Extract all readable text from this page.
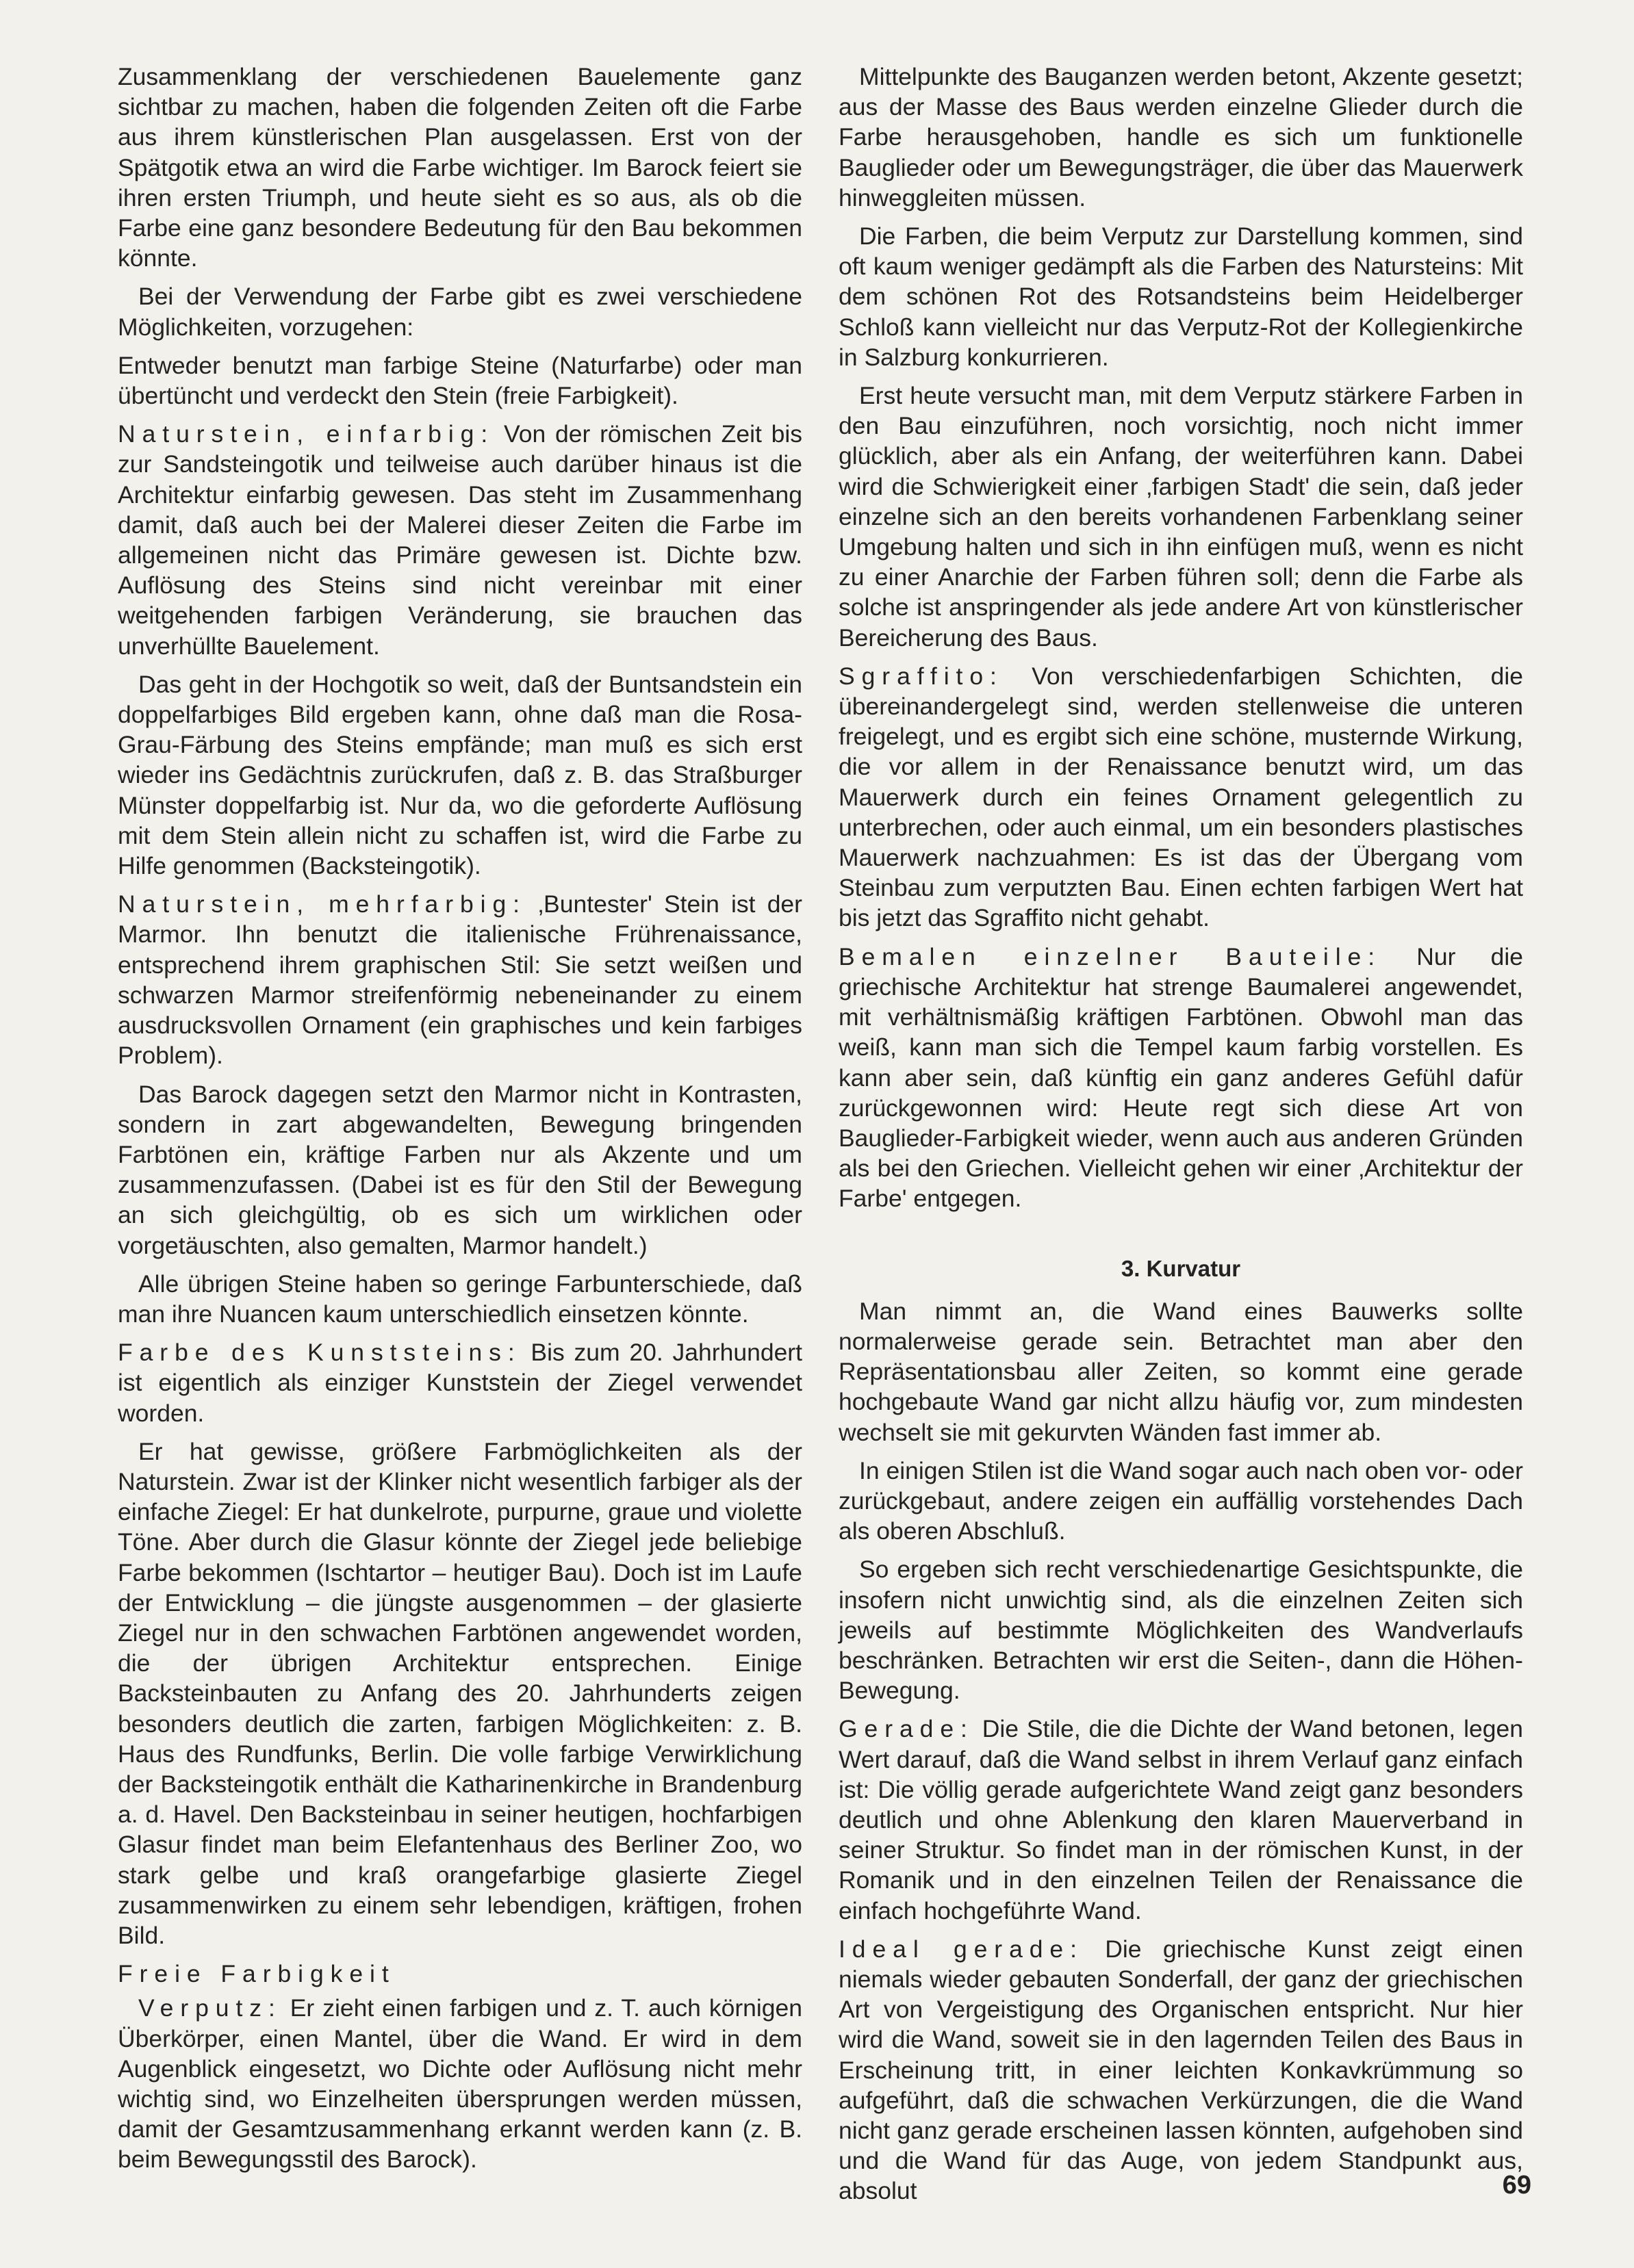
Zusammenklang der verschiedenen Bauelemente ganz sichtbar zu machen, haben die folgenden Zeiten oft die Farbe aus ihrem künstlerischen Plan ausgelassen. Erst von der Spätgotik etwa an wird die Farbe wichtiger. Im Barock feiert sie ihren ersten Triumph, und heute sieht es so aus, als ob die Farbe eine ganz besondere Bedeutung für den Bau bekommen könnte.

Bei der Verwendung der Farbe gibt es zwei verschiedene Möglichkeiten, vorzugehen:

Entweder benutzt man farbige Steine (Naturfarbe) oder man übertüncht und verdeckt den Stein (freie Farbigkeit).

Naturstein, einfarbig: Von der römischen Zeit bis zur Sandsteingotik und teilweise auch darüber hinaus ist die Architektur einfarbig gewesen. Das steht im Zusammenhang damit, daß auch bei der Malerei dieser Zeiten die Farbe im allgemeinen nicht das Primäre gewesen ist. Dichte bzw. Auflösung des Steins sind nicht vereinbar mit einer weitgehenden farbigen Veränderung, sie brauchen das unverhüllte Bauelement.

Das geht in der Hochgotik so weit, daß der Buntsandstein ein doppelfarbiges Bild ergeben kann, ohne daß man die Rosa-Grau-Färbung des Steins empfände; man muß es sich erst wieder ins Gedächtnis zurückrufen, daß z. B. das Straßburger Münster doppelfarbig ist. Nur da, wo die geforderte Auflösung mit dem Stein allein nicht zu schaffen ist, wird die Farbe zu Hilfe genommen (Backsteingotik).

Naturstein, mehrfarbig: ‚Buntester' Stein ist der Marmor. Ihn benutzt die italienische Frührenaissance, entsprechend ihrem graphischen Stil: Sie setzt weißen und schwarzen Marmor streifenförmig nebeneinander zu einem ausdrucksvollen Ornament (ein graphisches und kein farbiges Problem).

Das Barock dagegen setzt den Marmor nicht in Kontrasten, sondern in zart abgewandelten, Bewegung bringenden Farbtönen ein, kräftige Farben nur als Akzente und um zusammenzufassen. (Dabei ist es für den Stil der Bewegung an sich gleichgültig, ob es sich um wirklichen oder vorgetäuschten, also gemalten, Marmor handelt.)

Alle übrigen Steine haben so geringe Farbunterschiede, daß man ihre Nuancen kaum unterschiedlich einsetzen könnte.

Farbe des Kunststeins: Bis zum 20. Jahrhundert ist eigentlich als einziger Kunststein der Ziegel verwendet worden.

Er hat gewisse, größere Farbmöglichkeiten als der Naturstein. Zwar ist der Klinker nicht wesentlich farbiger als der einfache Ziegel: Er hat dunkelrote, purpurne, graue und violette Töne. Aber durch die Glasur könnte der Ziegel jede beliebige Farbe bekommen (Ischtartor – heutiger Bau). Doch ist im Laufe der Entwicklung – die jüngste ausgenommen – der glasierte Ziegel nur in den schwachen Farbtönen angewendet worden, die der übrigen Architektur entsprechen. Einige Backsteinbauten zu Anfang des 20. Jahrhunderts zeigen besonders deutlich die zarten, farbigen Möglichkeiten: z. B. Haus des Rundfunks, Berlin. Die volle farbige Verwirklichung der Backsteingotik enthält die Katharinenkirche in Brandenburg a. d. Havel. Den Backsteinbau in seiner heutigen, hochfarbigen Glasur findet man beim Elefantenhaus des Berliner Zoo, wo stark gelbe und kraß orangefarbige glasierte Ziegel zusammenwirken zu einem sehr lebendigen, kräftigen, frohen Bild.

Freie Farbigkeit

Verputz: Er zieht einen farbigen und z. T. auch körnigen Überkörper, einen Mantel, über die Wand. Er wird in dem Augenblick eingesetzt, wo Dichte oder Auflösung nicht mehr wichtig sind, wo Einzelheiten übersprungen werden müssen, damit der Gesamtzusammenhang erkannt werden kann (z. B. beim Bewegungsstil des Barock).

Mittelpunkte des Bauganzen werden betont, Akzente gesetzt; aus der Masse des Baus werden einzelne Glieder durch die Farbe herausgehoben, handle es sich um funktionelle Bauglieder oder um Bewegungsträger, die über das Mauerwerk hinweggleiten müssen.

Die Farben, die beim Verputz zur Darstellung kommen, sind oft kaum weniger gedämpft als die Farben des Natursteins: Mit dem schönen Rot des Rotsandsteins beim Heidelberger Schloß kann vielleicht nur das Verputz-Rot der Kollegienkirche in Salzburg konkurrieren.

Erst heute versucht man, mit dem Verputz stärkere Farben in den Bau einzuführen, noch vorsichtig, noch nicht immer glücklich, aber als ein Anfang, der weiterführen kann. Dabei wird die Schwierigkeit einer ‚farbigen Stadt' die sein, daß jeder einzelne sich an den bereits vorhandenen Farbenklang seiner Umgebung halten und sich in ihn einfügen muß, wenn es nicht zu einer Anarchie der Farben führen soll; denn die Farbe als solche ist anspringender als jede andere Art von künstlerischer Bereicherung des Baus.

Sgraffito: Von verschiedenfarbigen Schichten, die übereinandergelegt sind, werden stellenweise die unteren freigelegt, und es ergibt sich eine schöne, musternde Wirkung, die vor allem in der Renaissance benutzt wird, um das Mauerwerk durch ein feines Ornament gelegentlich zu unterbrechen, oder auch einmal, um ein besonders plastisches Mauerwerk nachzuahmen: Es ist das der Übergang vom Steinbau zum verputzten Bau. Einen echten farbigen Wert hat bis jetzt das Sgraffito nicht gehabt.

Bemalen einzelner Bauteile: Nur die griechische Architektur hat strenge Baumalerei angewendet, mit verhältnismäßig kräftigen Farbtönen. Obwohl man das weiß, kann man sich die Tempel kaum farbig vorstellen. Es kann aber sein, daß künftig ein ganz anderes Gefühl dafür zurückgewonnen wird: Heute regt sich diese Art von Bauglieder-Farbigkeit wieder, wenn auch aus anderen Gründen als bei den Griechen. Vielleicht gehen wir einer ‚Architektur der Farbe' entgegen.

3. Kurvatur

Man nimmt an, die Wand eines Bauwerks sollte normalerweise gerade sein. Betrachtet man aber den Repräsentationsbau aller Zeiten, so kommt eine gerade hochgebaute Wand gar nicht allzu häufig vor, zum mindesten wechselt sie mit gekurvten Wänden fast immer ab.

In einigen Stilen ist die Wand sogar auch nach oben vor- oder zurückgebaut, andere zeigen ein auffällig vorstehendes Dach als oberen Abschluß.

So ergeben sich recht verschiedenartige Gesichtspunkte, die insofern nicht unwichtig sind, als die einzelnen Zeiten sich jeweils auf bestimmte Möglichkeiten des Wandverlaufs beschränken. Betrachten wir erst die Seiten-, dann die Höhen-Bewegung.

Gerade: Die Stile, die die Dichte der Wand betonen, legen Wert darauf, daß die Wand selbst in ihrem Verlauf ganz einfach ist: Die völlig gerade aufgerichtete Wand zeigt ganz besonders deutlich und ohne Ablenkung den klaren Mauerverband in seiner Struktur. So findet man in der römischen Kunst, in der Romanik und in den einzelnen Teilen der Renaissance die einfach hochgeführte Wand.

Ideal gerade: Die griechische Kunst zeigt einen niemals wieder gebauten Sonderfall, der ganz der griechischen Art von Vergeistigung des Organischen entspricht. Nur hier wird die Wand, soweit sie in den lagernden Teilen des Baus in Erscheinung tritt, in einer leichten Konkavkrümmung so aufgeführt, daß die schwachen Verkürzungen, die die Wand nicht ganz gerade erscheinen lassen könnten, aufgehoben sind und die Wand für das Auge, von jedem Standpunkt aus, absolut	69
